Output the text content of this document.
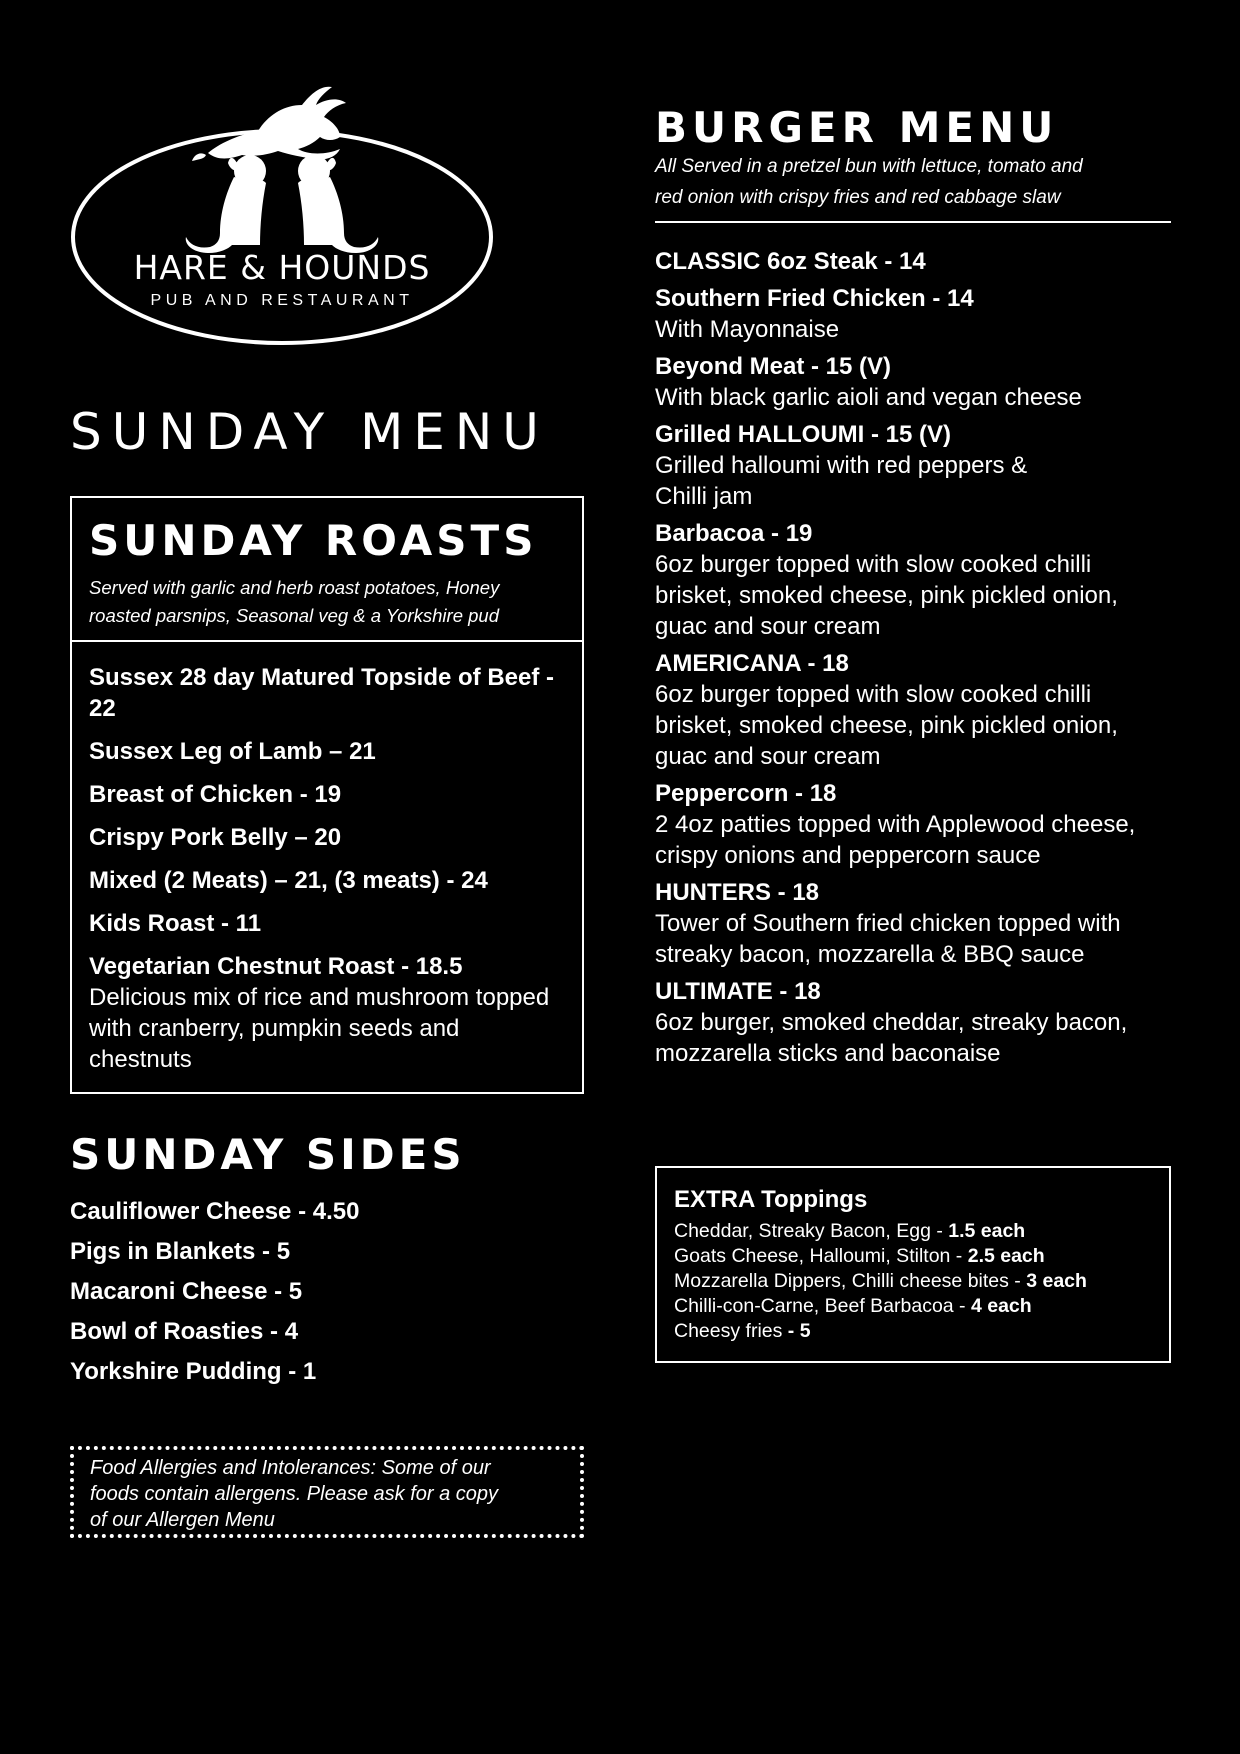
HARE & HOUNDS
PUB AND RESTAURANT
SUNDAY MENU
SUNDAY ROASTS
Served with garlic and herb roast potatoes, Honey
roasted parsnips, Seasonal veg & a Yorkshire pud
Sussex 28 day Matured Topside of Beef - 22
Sussex Leg of Lamb – 21
Breast of Chicken - 19
Crispy Pork Belly – 20
Mixed (2 Meats) – 21, (3 meats) - 24
Kids Roast - 11
Vegetarian Chestnut Roast - 18.5
Delicious mix of rice and mushroom topped with cranberry, pumpkin seeds and chestnuts
SUNDAY SIDES
Cauliflower Cheese - 4.50
Pigs in Blankets - 5
Macaroni Cheese - 5
Bowl of Roasties - 4
Yorkshire Pudding - 1
Food Allergies and Intolerances: Some of our
foods contain allergens. Please ask for a copy
of our Allergen Menu
BURGER MENU
All Served in a pretzel bun with lettuce, tomato and
red onion with crispy fries and red cabbage slaw
CLASSIC 6oz Steak - 14
Southern Fried Chicken - 14
With Mayonnaise
Beyond Meat - 15 (V)
With black garlic aioli and vegan cheese
Grilled HALLOUMI - 15 (V)
Grilled halloumi with red peppers & Chilli jam
Barbacoa - 19
6oz burger topped with slow cooked chilli brisket, smoked cheese, pink pickled onion, guac and sour cream
AMERICANA - 18
6oz burger topped with slow cooked chilli brisket, smoked cheese, pink pickled onion, guac and sour cream
Peppercorn - 18
2 4oz patties topped with Applewood cheese, crispy onions and peppercorn sauce
HUNTERS - 18
Tower of Southern fried chicken topped with streaky bacon, mozzarella & BBQ sauce
ULTIMATE - 18
6oz burger, smoked cheddar, streaky bacon, mozzarella sticks and baconaise
EXTRA Toppings
Cheddar, Streaky Bacon, Egg - 1.5 each
Goats Cheese, Halloumi, Stilton - 2.5 each
Mozzarella Dippers, Chilli cheese bites - 3 each
Chilli-con-Carne, Beef Barbacoa - 4 each
Cheesy fries - 5
